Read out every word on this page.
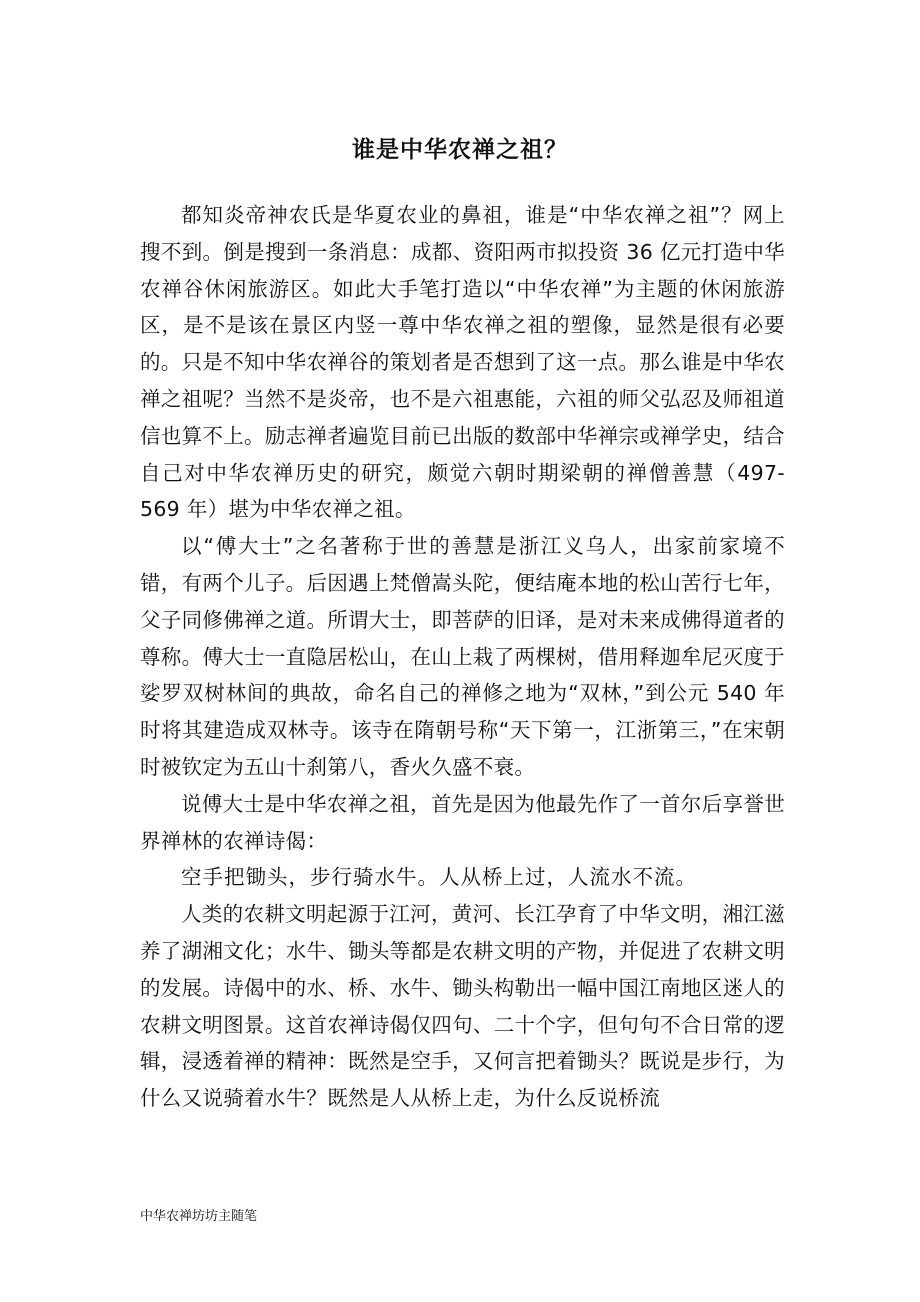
谁是中华农禅之祖？

都知炎帝神农氏是华夏农业的鼻祖，谁是“中华农禅之祖”？网上搜不到。倒是搜到一条消息：成都、资阳两市拟投资 36 亿元打造中华农禅谷休闲旅游区。如此大手笔打造以“中华农禅”为主题的休闲旅游区，是不是该在景区内竖一尊中华农禅之祖的塑像，显然是很有必要的。只是不知中华农禅谷的策划者是否想到了这一点。那么谁是中华农禅之祖呢？当然不是炎帝，也不是六祖惠能，六祖的师父弘忍及师祖道信也算不上。励志禅者遍览目前已出版的数部中华禅宗或禅学史，结合自己对中华农禅历史的研究，颇觉六朝时期梁朝的禅僧善慧（497-569 年）堪为中华农禅之祖。

以“傅大士”之名著称于世的善慧是浙江义乌人，出家前家境不错，有两个儿子。后因遇上梵僧嵩头陀，便结庵本地的松山苦行七年，父子同修佛禅之道。所谓大士，即菩萨的旧译，是对未来成佛得道者的尊称。傅大士一直隐居松山，在山上栽了两棵树，借用释迦牟尼灭度于娑罗双树林间的典故，命名自己的禅修之地为“双林，”到公元 540 年时将其建造成双林寺。该寺在隋朝号称“天下第一，江浙第三，”在宋朝时被钦定为五山十刹第八，香火久盛不衰。

说傅大士是中华农禅之祖，首先是因为他最先作了一首尔后享誉世界禅林的农禅诗偈：

空手把锄头，步行骑水牛。人从桥上过，人流水不流。

人类的农耕文明起源于江河，黄河、长江孕育了中华文明，湘江滋养了湖湘文化；水牛、锄头等都是农耕文明的产物，并促进了农耕文明的发展。诗偈中的水、桥、水牛、锄头构勒出一幅中国江南地区迷人的农耕文明图景。这首农禅诗偈仅四句、二十个字，但句句不合日常的逻辑，浸透着禅的精神：既然是空手，又何言把着锄头？既说是步行，为什么又说骑着水牛？既然是人从桥上走，为什么反说桥流

中华农禅坊坊主随笔
